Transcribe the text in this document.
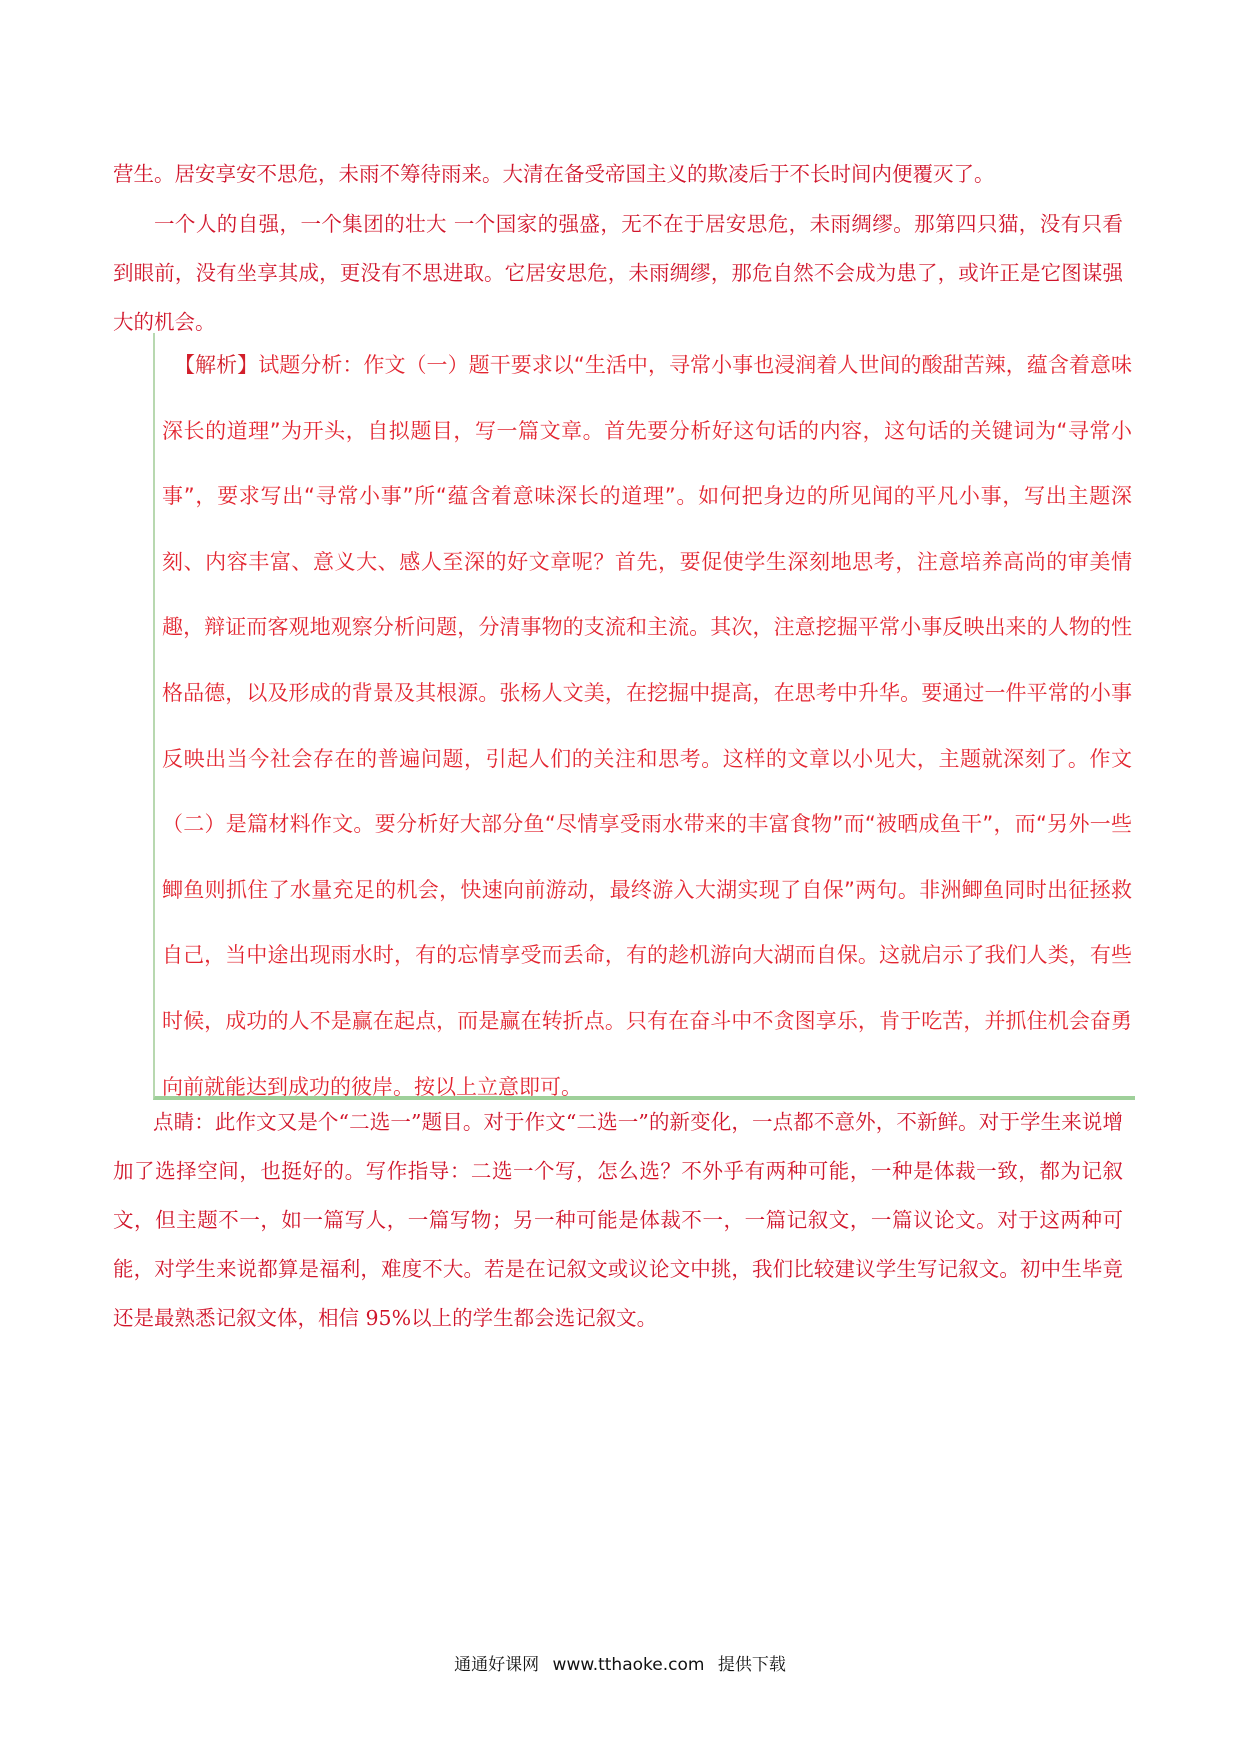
营生。居安享安不思危，未雨不筹待雨来。大清在备受帝国主义的欺凌后于不长时间内便覆灭了。

一个人的自强，一个集团的壮大 一个国家的强盛，无不在于居安思危，未雨绸缪。那第四只猫，没有只看到眼前，没有坐享其成，更没有不思进取。它居安思危，未雨绸缪，那危自然不会成为患了，或许正是它图谋强大的机会。

【解析】试题分析：作文（一）题干要求以“生活中，寻常小事也浸润着人世间的酸甜苦辣，蕴含着意味深长的道理”为开头，自拟题目，写一篇文章。首先要分析好这句话的内容，这句话的关键词为“寻常小事”，要求写出“寻常小事”所“蕴含着意味深长的道理”。如何把身边的所见闻的平凡小事，写出主题深刻、内容丰富、意义大、感人至深的好文章呢？首先，要促使学生深刻地思考，注意培养高尚的审美情趣，辩证而客观地观察分析问题，分清事物的支流和主流。其次，注意挖掘平常小事反映出来的人物的性格品德，以及形成的背景及其根源。张杨人文美，在挖掘中提高，在思考中升华。要通过一件平常的小事反映出当今社会存在的普遍问题，引起人们的关注和思考。这样的文章以小见大，主题就深刻了。作文（二）是篇材料作文。要分析好大部分鱼“尽情享受雨水带来的丰富食物”而“被晒成鱼干”，而“另外一些鲫鱼则抓住了水量充足的机会，快速向前游动，最终游入大湖实现了自保”两句。非洲鲫鱼同时出征拯救自己，当中途出现雨水时，有的忘情享受而丢命，有的趁机游向大湖而自保。这就启示了我们人类，有些时候，成功的人不是赢在起点，而是赢在转折点。只有在奋斗中不贪图享乐，肯于吃苦，并抓住机会奋勇向前就能达到成功的彼岸。按以上立意即可。

点睛：此作文又是个“二选一”题目。对于作文“二选一”的新变化，一点都不意外，不新鲜。对于学生来说增加了选择空间，也挺好的。写作指导：二选一个写，怎么选？不外乎有两种可能，一种是体裁一致，都为记叙文，但主题不一，如一篇写人，一篇写物；另一种可能是体裁不一，一篇记叙文，一篇议论文。对于这两种可能，对学生来说都算是福利，难度不大。若是在记叙文或议论文中挑，我们比较建议学生写记叙文。初中生毕竟还是最熟悉记叙文体，相信 95%以上的学生都会选记叙文。

通通好课网 www.tthaoke.com 提供下载
